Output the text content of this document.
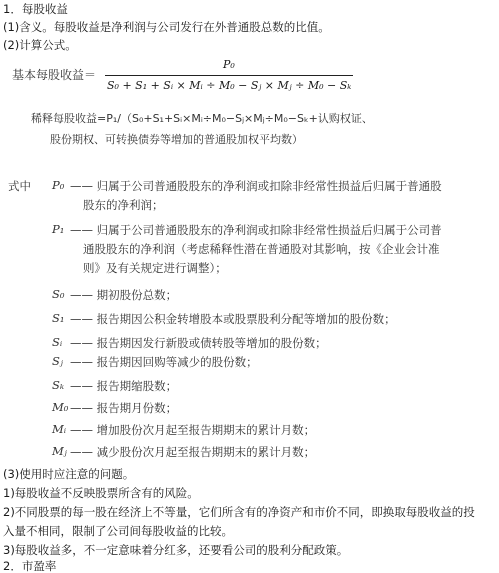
1．每股收益
(1)含义。每股收益是净利润与公司发行在外普通股总数的比值。
(2)计算公式。
基本每股收益＝
P₀
S₀ + S₁ + Sᵢ × Mᵢ ÷ M₀ − Sⱼ × Mⱼ ÷ M₀ − Sₖ
稀释每股收益=P₁/（S₀+S₁+Sᵢ×Mᵢ÷M₀−Sⱼ×Mⱼ÷M₀−Sₖ+认购权证、
股份期权、可转换债券等增加的普通股加权平均数）
式中 P₀ —— 归属于公司普通股股东的净利润或扣除非经常性损益后归属于普通股
股东的净利润；
P₁ —— 归属于公司普通股股东的净利润或扣除非经常性损益后归属于公司普
通股股东的净利润（考虑稀释性潜在普通股对其影响，按《企业会计准
则》及有关规定进行调整）；
S₀ —— 期初股份总数；
S₁ —— 报告期因公积金转增股本或股票股利分配等增加的股份数；
Sᵢ —— 报告期因发行新股或债转股等增加的股份数；
Sⱼ —— 报告期因回购等减少的股份数；
Sₖ —— 报告期缩股数；
M₀ —— 报告期月份数；
Mᵢ —— 增加股份次月起至报告期期末的累计月数；
Mⱼ —— 减少股份次月起至报告期期末的累计月数；
(3)使用时应注意的问题。
1)每股收益不反映股票所含有的风险。
2)不同股票的每一股在经济上不等量，它们所含有的净资产和市价不同，即换取每股收益的投
入量不相同，限制了公司间每股收益的比较。
3)每股收益多，不一定意味着分红多，还要看公司的股利分配政策。
2．市盈率
